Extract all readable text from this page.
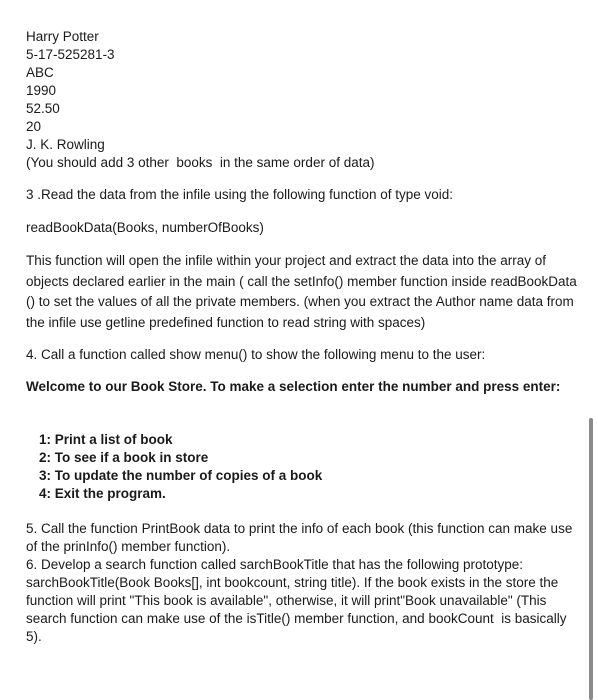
Harry Potter
5-17-525281-3
ABC
1990
52.50
20
J. K. Rowling
(You should add 3 other  books  in the same order of data)
3 .Read the data from the infile using the following function of type void:
readBookData(Books, numberOfBooks)
This function will open the infile within your project and extract the data into the array of objects declared earlier in the main ( call the setInfo() member function inside readBookData () to set the values of all the private members. (when you extract the Author name data from the infile use getline predefined function to read string with spaces)
4. Call a function called show menu() to show the following menu to the user:
Welcome to our Book Store. To make a selection enter the number and press enter:
1: Print a list of book
2: To see if a book in store
3: To update the number of copies of a book
4: Exit the program.
5. Call the function PrintBook data to print the info of each book (this function can make use of the prinInfo() member function).
6. Develop a search function called sarchBookTitle that has the following prototype: sarchBookTitle(Book Books[], int bookcount, string title). If the book exists in the store the function will print "This book is available", otherwise, it will print"Book unavailable" (This search function can make use of the isTitle() member function, and bookCount  is basically 5).
